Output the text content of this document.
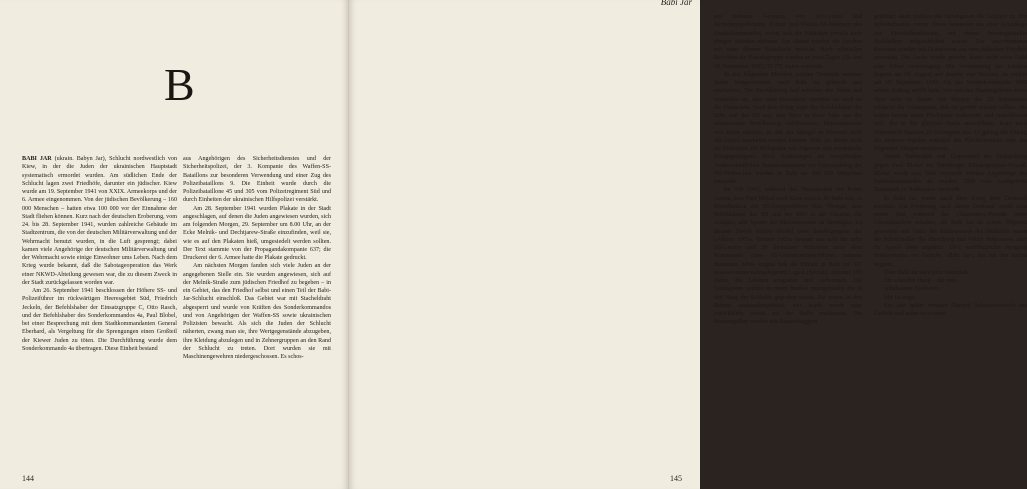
B

BABI JAR (ukrain. Babyn Jar), Schlucht nordwestlich von Kiew, in der die Juden der ukrainischen Hauptstadt systematisch ermordet wurden. Am südlichen Ende der Schlucht lagen zwei Friedhöfe, darunter ein jüdischer. Kiew wurde am 19. September 1941 von XXIX. Armeekorps und der 6. Armee eingenommen. Von der jüdischen Bevölkerung – 160 000 Menschen – hatten etwa 100 000 vor der Einnahme der Stadt fliehen können. Kurz nach der deutschen Eroberung, vom 24. bis 28. September 1941, wurden zahlreiche Gebäude im Stadtzentrum, die von der deutschen Militärverwaltung und der Wehrmacht benutzt wurden, in die Luft gesprengt; dabei kamen viele Angehörige der deutschen Militärverwaltung und der Wehrmacht sowie einige Einwohner ums Leben. Nach dem Krieg wurde bekannt, daß die Sabotageoperation das Werk einer NKWD-Abteilung gewesen war, die zu diesem Zweck in der Stadt zurückgelassen worden war.

Am 26. September 1941 beschlossen der Höhere SS- und Polizeiführer im rückwärtigen Heeresgebiet Süd, Friedrich Jeckeln, der Befehlshaber der Einsatzgruppe C, Otto Rasch, und der Befehlshaber des Sonderkommandos 4a, Paul Blobel, bei einer Besprechung mit dem Stadtkommandanten General Eberhard, als Vergeltung für die Sprengungen einen Großteil der Kiewer Juden zu töten. Die Durchführung wurde dem Sonderkommando 4a übertragen. Diese Einheit bestand

aus Angehörigen des Sicherheitsdienstes und der Sicherheitspolizei, der 3. Kompanie des Waffen-SS-Bataillons zur besonderen Verwendung und einer Zug des Polizeibataillons 9. Die Einheit wurde durch die Polizeibataillone 45 und 305 vom Polizeiregiment Süd und durch Einheiten der ukrainischen Hilfspolizei verstärkt.

Am 28. September 1941 wurden Plakate in der Stadt angeschlagen, auf denen die Juden angewiesen wurden, sich am folgenden Morgen, 29. September um 8.00 Uhr, an der Ecke Melnik- und Dechtjarew-Straße einzufinden, weil sie, wie es auf den Plakaten hieß, umgesiedelt werden sollten. Der Text stammte von der Propagandakompanie 637; die Druckerei der 6. Armee hatte die Plakate gedruckt.

Am nächsten Morgen fanden sich viele Juden an der angegebenen Stelle ein. Sie wurden angewiesen, sich auf der Melnik-Straße zum jüdischen Friedhof zu begeben – in ein Gebiet, das den Friedhof selbst und einen Teil der Babi-Jar-Schlucht einschloß. Das Gebiet war mit Stacheldraht abgesperrt und wurde von Kräften des Sonderkommandos und von Angehörigen der Waffen-SS sowie ukrainischen Polizisten bewacht. Als sich die Juden der Schlucht näherten, zwang man sie, ihre Wertgegenstände abzugeben, ihre Kleidung abzulegen und in Zehnergruppen an den Rand der Schlucht zu treten. Dort wurden sie mit Maschinengewehren niedergeschossen. Es schos-

144
Babi Jar

sen mehrere Gruppen von SD-Leuten und Sicherheitspolizisten, Polizei und Waffen-SS-Männern des Sonderkommandos, wobei sich die Einheiten jeweils nach einigen Stunden ablösten. Am Abend wurden die Leichen mit einer dünnen Erdschicht bedeckt. Nach offiziellen Berichten der Einsatzgruppe wurden an zwei Tagen (29. und 30. September 1941) 33 771 Juden ermordet.

In den folgenden Monaten wurden Tausende weiterer Juden festgenommen, nach Babi Jar gebracht und erschossen. Die Bevölkerung half mitunter den Juden und versteckte sie, aber viele Einwohner verrieten sie auch an die Deutschen. Nach dem Krieg sagte der Befehlshaber der SiPo und des SD aus, sein Büro in Kiew habe aus der ukrainischen Bevölkerung »körbeweise« Denunziationen von Juden erhalten, so daß aus Mangel an Personal nicht alle hätten bearbeitet werden können. Babi Jar diente auch als Richtstätte für Nichtjuden wie Zigeuner und sowjetische Kriegsgefangene. Nach Schätzungen der sowjetischen Außerordentlichen Staatskommission zur Untersuchung der NS-Verbrechen wurden in Babi Jar 100 000 Menschen ermordet.

Im Juli 1943, während des Vormarsches der Roten Armee, kam Paul Blobel nach Kiew zurück. Er hatte nun, in Koordination mit SS-Gruppenführer Max Thomas, dem Befehlshaber der SD und der SiPo in der Ukraine, die Aufgabe, alle Spuren des Massenmordes zu beseitigen. Zu diesem Zweck bildete Blobel zwei Sondergruppen der »Aktion 1005«. Einheit 1005a bestand aus acht bis zehn SD-Leuten und 30 deutschen Polizisten unter dem Kommando eines SS-Obersturmbannführers namens Baumann. Mitte August ließ die Einheit in Babi Jar 327 Insassen eines nahegelegenen Lagers (Syrezk), darunter 100 Juden, die Leichen ausgraben und verbrennen. Die Gefangenen wurden in einem Bunker untergebracht, der in den Hang der Schlucht gegraben wurde. Sie waren an den Beinen aneinandergekettet, wer krank wurde oder zurückblieb, wurde auf der Stelle erschossen. Die Massengräber wurden mit Raupenbaggern

geöffnet; dann mußten die Gefangenen die Leichen zu den Scheiterhaufen zerren. Diese bestanden aus einer Grundlage aus Eisenbahnschienen, auf denen benzingetränkte Holzbalken aufgeschichtet waren. Die unverbrannten Knochen wurden mit Grabsteinen aus dem jüdischen Friedhof zermalmt. Die Asche wurde gesiebt, damit nicht etwa Gold oder Silber verlorenging. Die Verbrennung der Leichen begann am 18. August und dauerte vier Wochen; sie endete am 19. September 1943. Als das Sonderkommando 1005 seinen Auftrag erfüllt hatte, war von den Massengräbern keine Spur mehr zu finden. Am Morgen des 29. Septembers erfuhren die Gefangenen, daß sie getötet werden sollten. Sie hatten bereits einen Fluchtplan vorbereitet und entschlossen sich, ihn in der gleichen Nacht auszuführen. Kurz nach Mitternacht brachen 25 Gefangene aus. 15 gelang die Flucht, die anderen wurden während des Fluchtversuchs oder am folgenden Morgen erschossen.

Dieses Verbrechen war Gegenstand der Verhandlung gegen Paul Blobel im Nürnberger Einsatzgruppen-Prozeß. Blobel wurde zum Tode verurteilt. Weitere Angehörige des Sonderkommandos 4a wurden 1968 vom Landgericht Darmstadt zu Haftstrafen verurteilt.

In Babi Jar wurde nach dem Krieg kein Denkmal errichtet. Die Forderung nach einem Denkmal wurde zum ersten Mal während der »Tauwetter«-Periode unter Chruschtschow erhoben, als Babi Jar zu einem Pilgerort geworden war. Unter den Befürwortern des Denkmals waren die Schriftsteller Ilja Ehrenburg und Viktor Nekrassow, aber ihr Appell blieb ungehört. 1961 veröffentlichte Jewgenij Jewtuschenko ein Gedicht, »Babi Jar«, das mit den Zeilen beginnt:

Über Babi Jar steht kein Denkmal.
Ein schroffer Hang – der eine,
unbehauene Grabstein.
Mir ist angst.

Ein Jahr später vertonte Dimitrij Schostakowitsch das Gedicht und nahm es in seine

145
